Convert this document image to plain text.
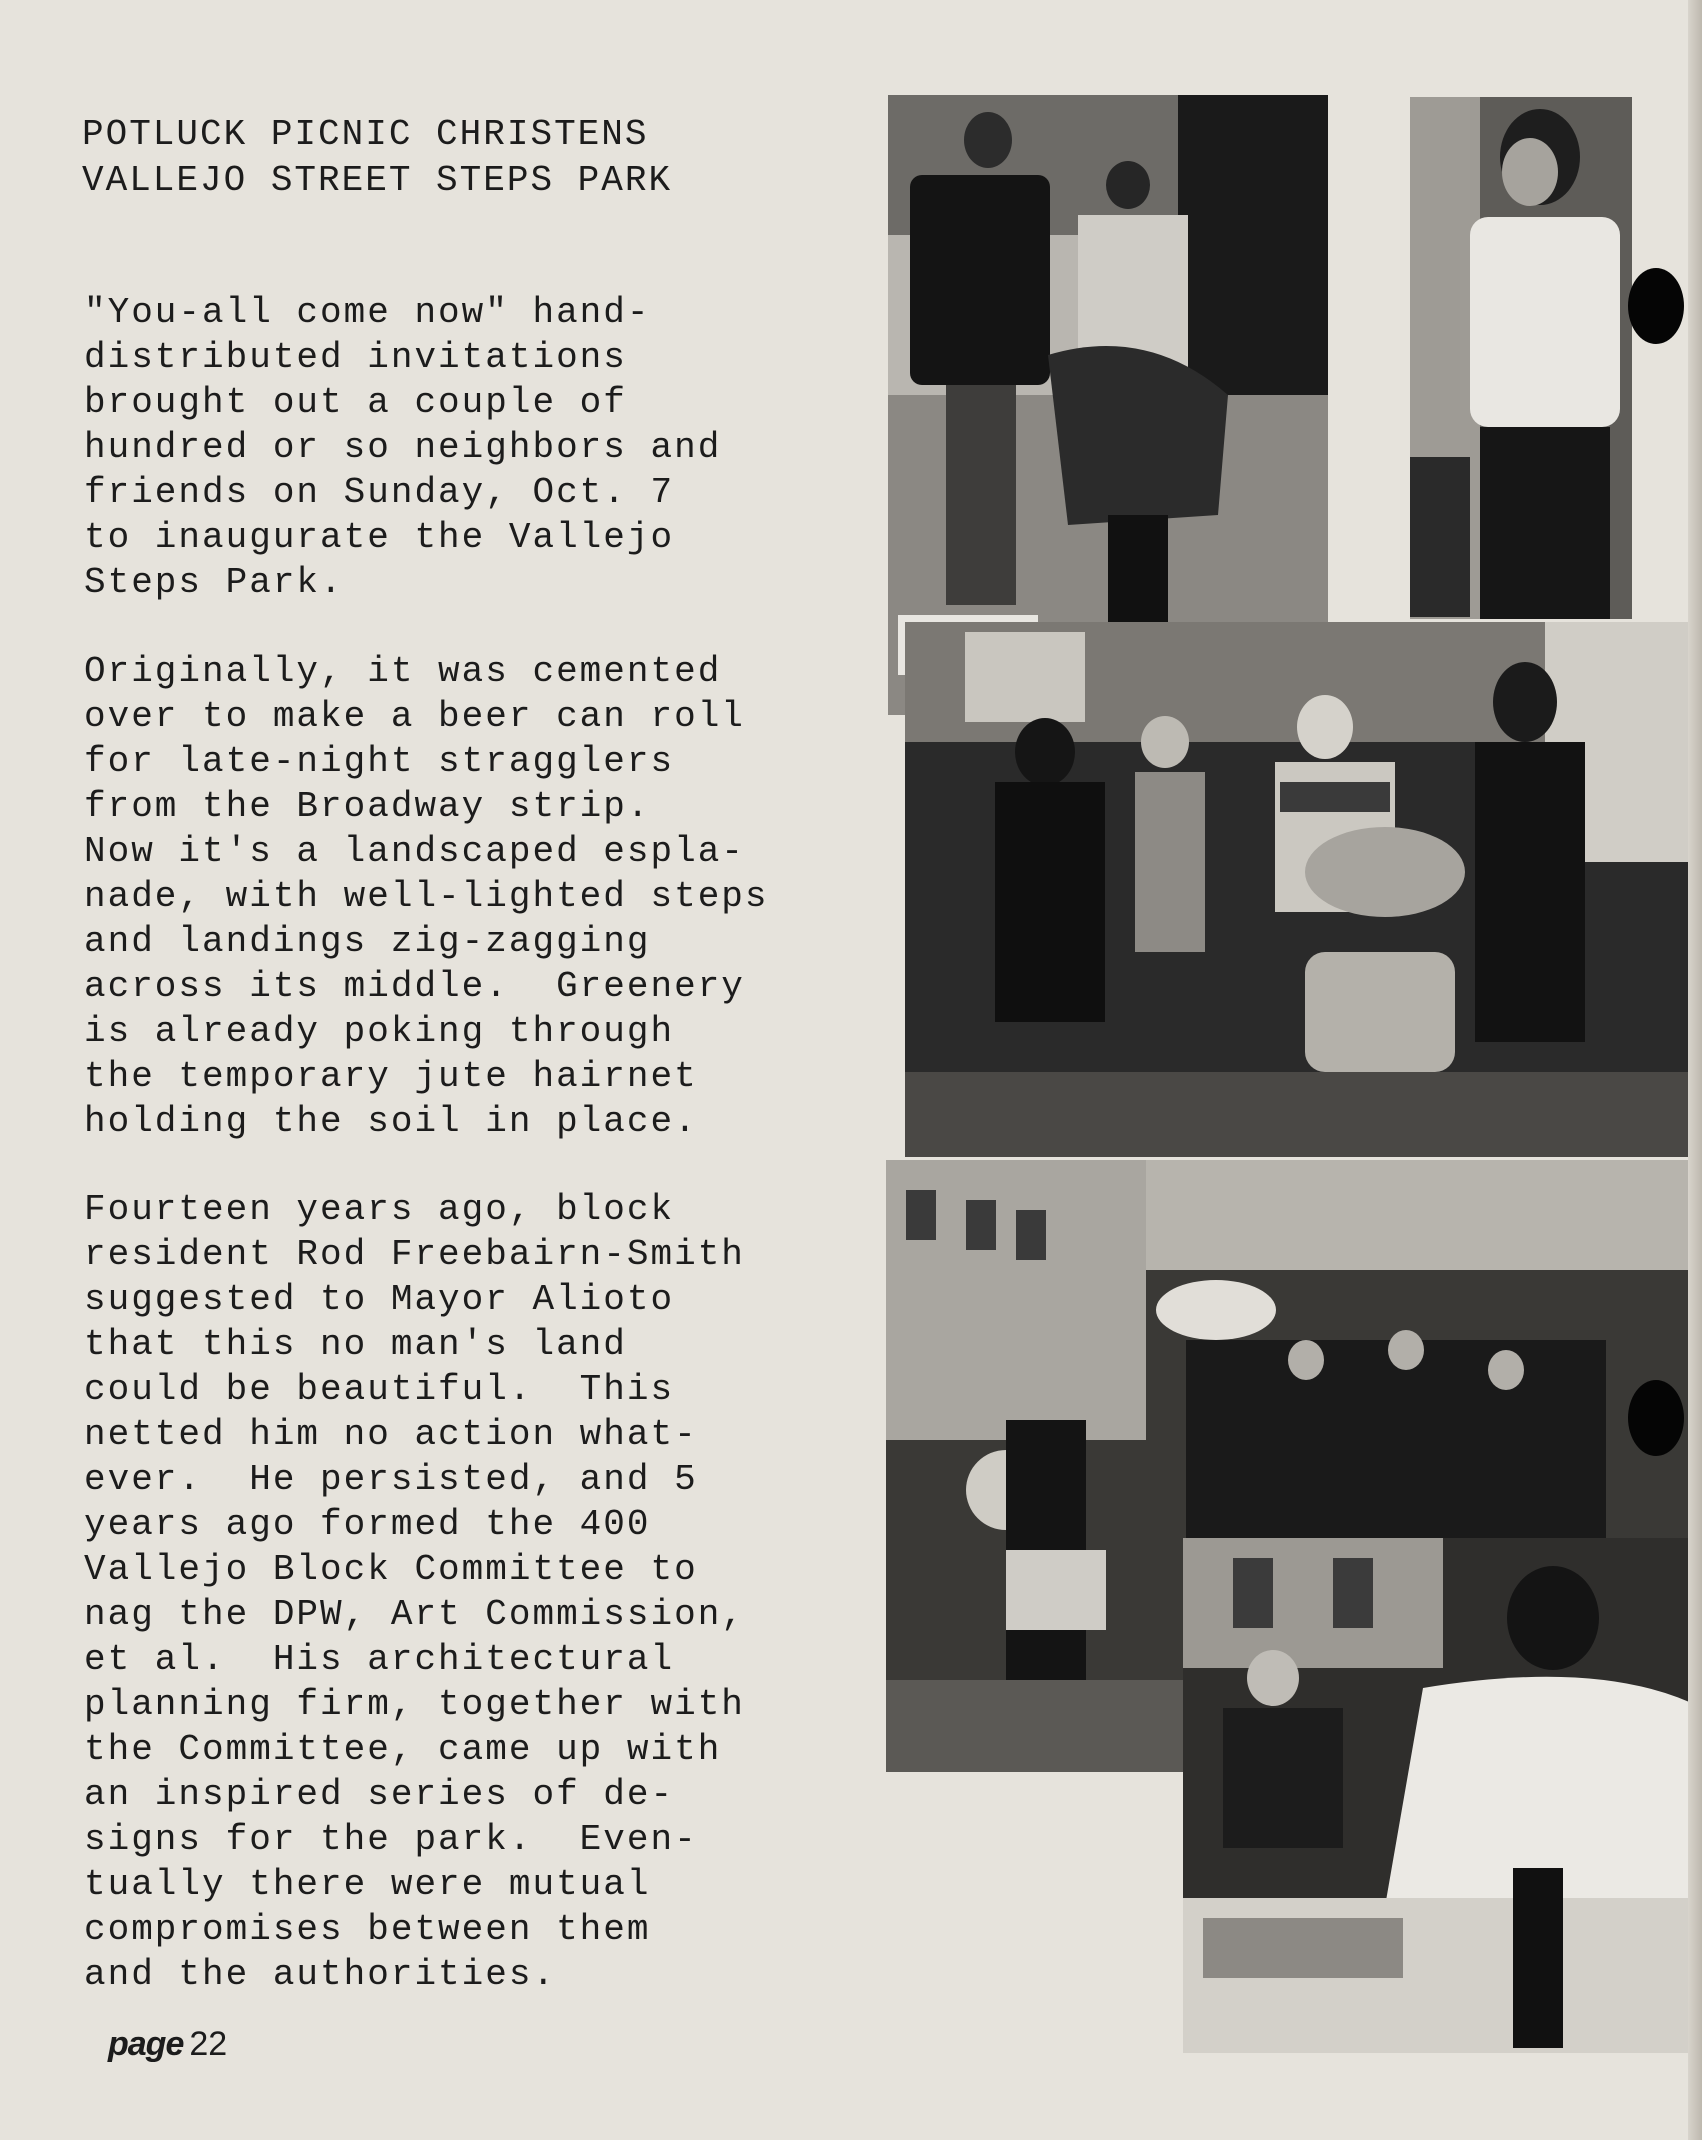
POTLUCK PICNIC CHRISTENS
VALLEJO STREET STEPS PARK
"You-all come now" hand-
distributed invitations
brought out a couple of
hundred or so neighbors and
friends on Sunday, Oct. 7
to inaugurate the Vallejo
Steps Park.
Originally, it was cemented
over to make a beer can roll
for late-night stragglers
from the Broadway strip.
Now it's a landscaped espla-
nade, with well-lighted steps
and landings zig-zagging
across its middle.  Greenery
is already poking through
the temporary jute hairnet
holding the soil in place.
Fourteen years ago, block
resident Rod Freebairn-Smith
suggested to Mayor Alioto
that this no man's land
could be beautiful.  This
netted him no action what-
ever.  He persisted, and 5
years ago formed the 400
Vallejo Block Committee to
nag the DPW, Art Commission,
et al.  His architectural
planning firm, together with
the Committee, came up with
an inspired series of de-
signs for the park.  Even-
tually there were mutual
compromises between them
and the authorities.
page 22
